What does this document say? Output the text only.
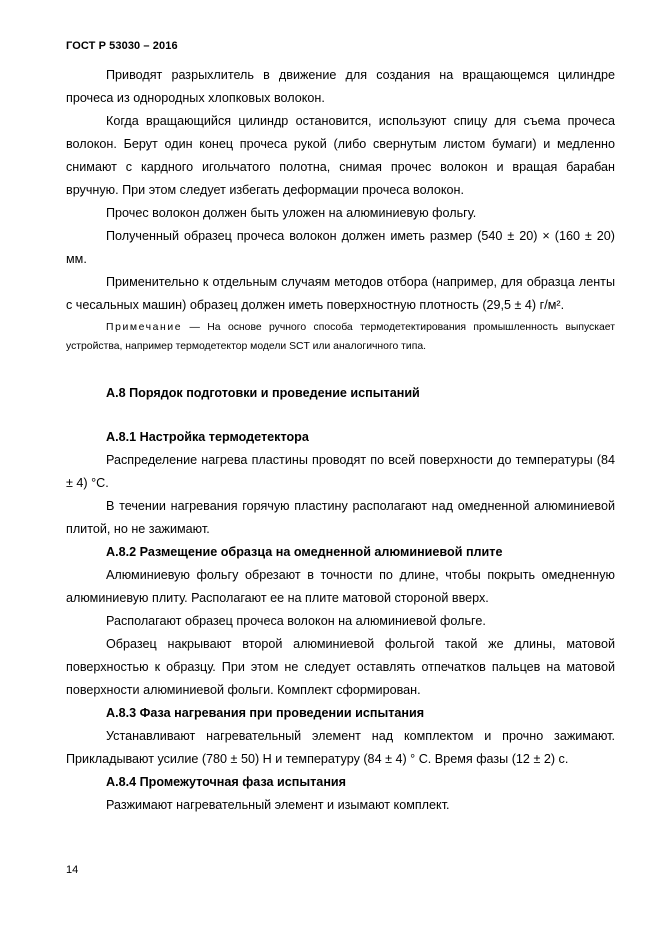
ГОСТ Р 53030 – 2016

Приводят разрыхлитель в движение для создания на вращающемся цилиндре прочеса из однородных хлопковых волокон.

Когда вращающийся цилиндр остановится, используют спицу для съема прочеса волокон. Берут один конец прочеса рукой (либо свернутым листом бумаги) и медленно снимают с кардного игольчатого полотна, снимая прочес волокон и вращая барабан вручную. При этом следует избегать деформации прочеса волокон.

Прочес волокон должен быть уложен на алюминиевую фольгу.

Полученный образец прочеса волокон должен иметь размер (540 ± 20) × (160 ± 20) мм.

Применительно к отдельным случаям методов отбора (например, для образца ленты с чесальных машин) образец должен иметь поверхностную плотность (29,5 ± 4) г/м².

Примечание — На основе ручного способа термодетектирования промышленность выпускает устройства, например термодетектор модели SCT или аналогичного типа.

А.8 Порядок подготовки и проведение испытаний
А.8.1 Настройка термодетектора

Распределение нагрева пластины проводят по всей поверхности до температуры (84 ± 4) °С.

В течении нагревания горячую пластину располагают над омедненной алюминиевой плитой, но не зажимают.

А.8.2 Размещение образца на омедненной алюминиевой плите

Алюминиевую фольгу обрезают в точности по длине, чтобы покрыть омедненную алюминиевую плиту. Располагают ее на плите матовой стороной вверх.

Располагают образец прочеса волокон на алюминиевой фольге.

Образец накрывают второй алюминиевой фольгой такой же длины, матовой поверхностью к образцу. При этом не следует оставлять отпечатков пальцев на матовой поверхности алюминиевой фольги. Комплект сформирован.

А.8.3 Фаза нагревания при проведении испытания

Устанавливают нагревательный элемент над комплектом и прочно зажимают. Прикладывают усилие (780 ± 50) Н и температуру (84 ± 4) ° С. Время фазы (12 ± 2) с.

А.8.4 Промежуточная фаза испытания

Разжимают нагревательный элемент и изымают комплект.

14
